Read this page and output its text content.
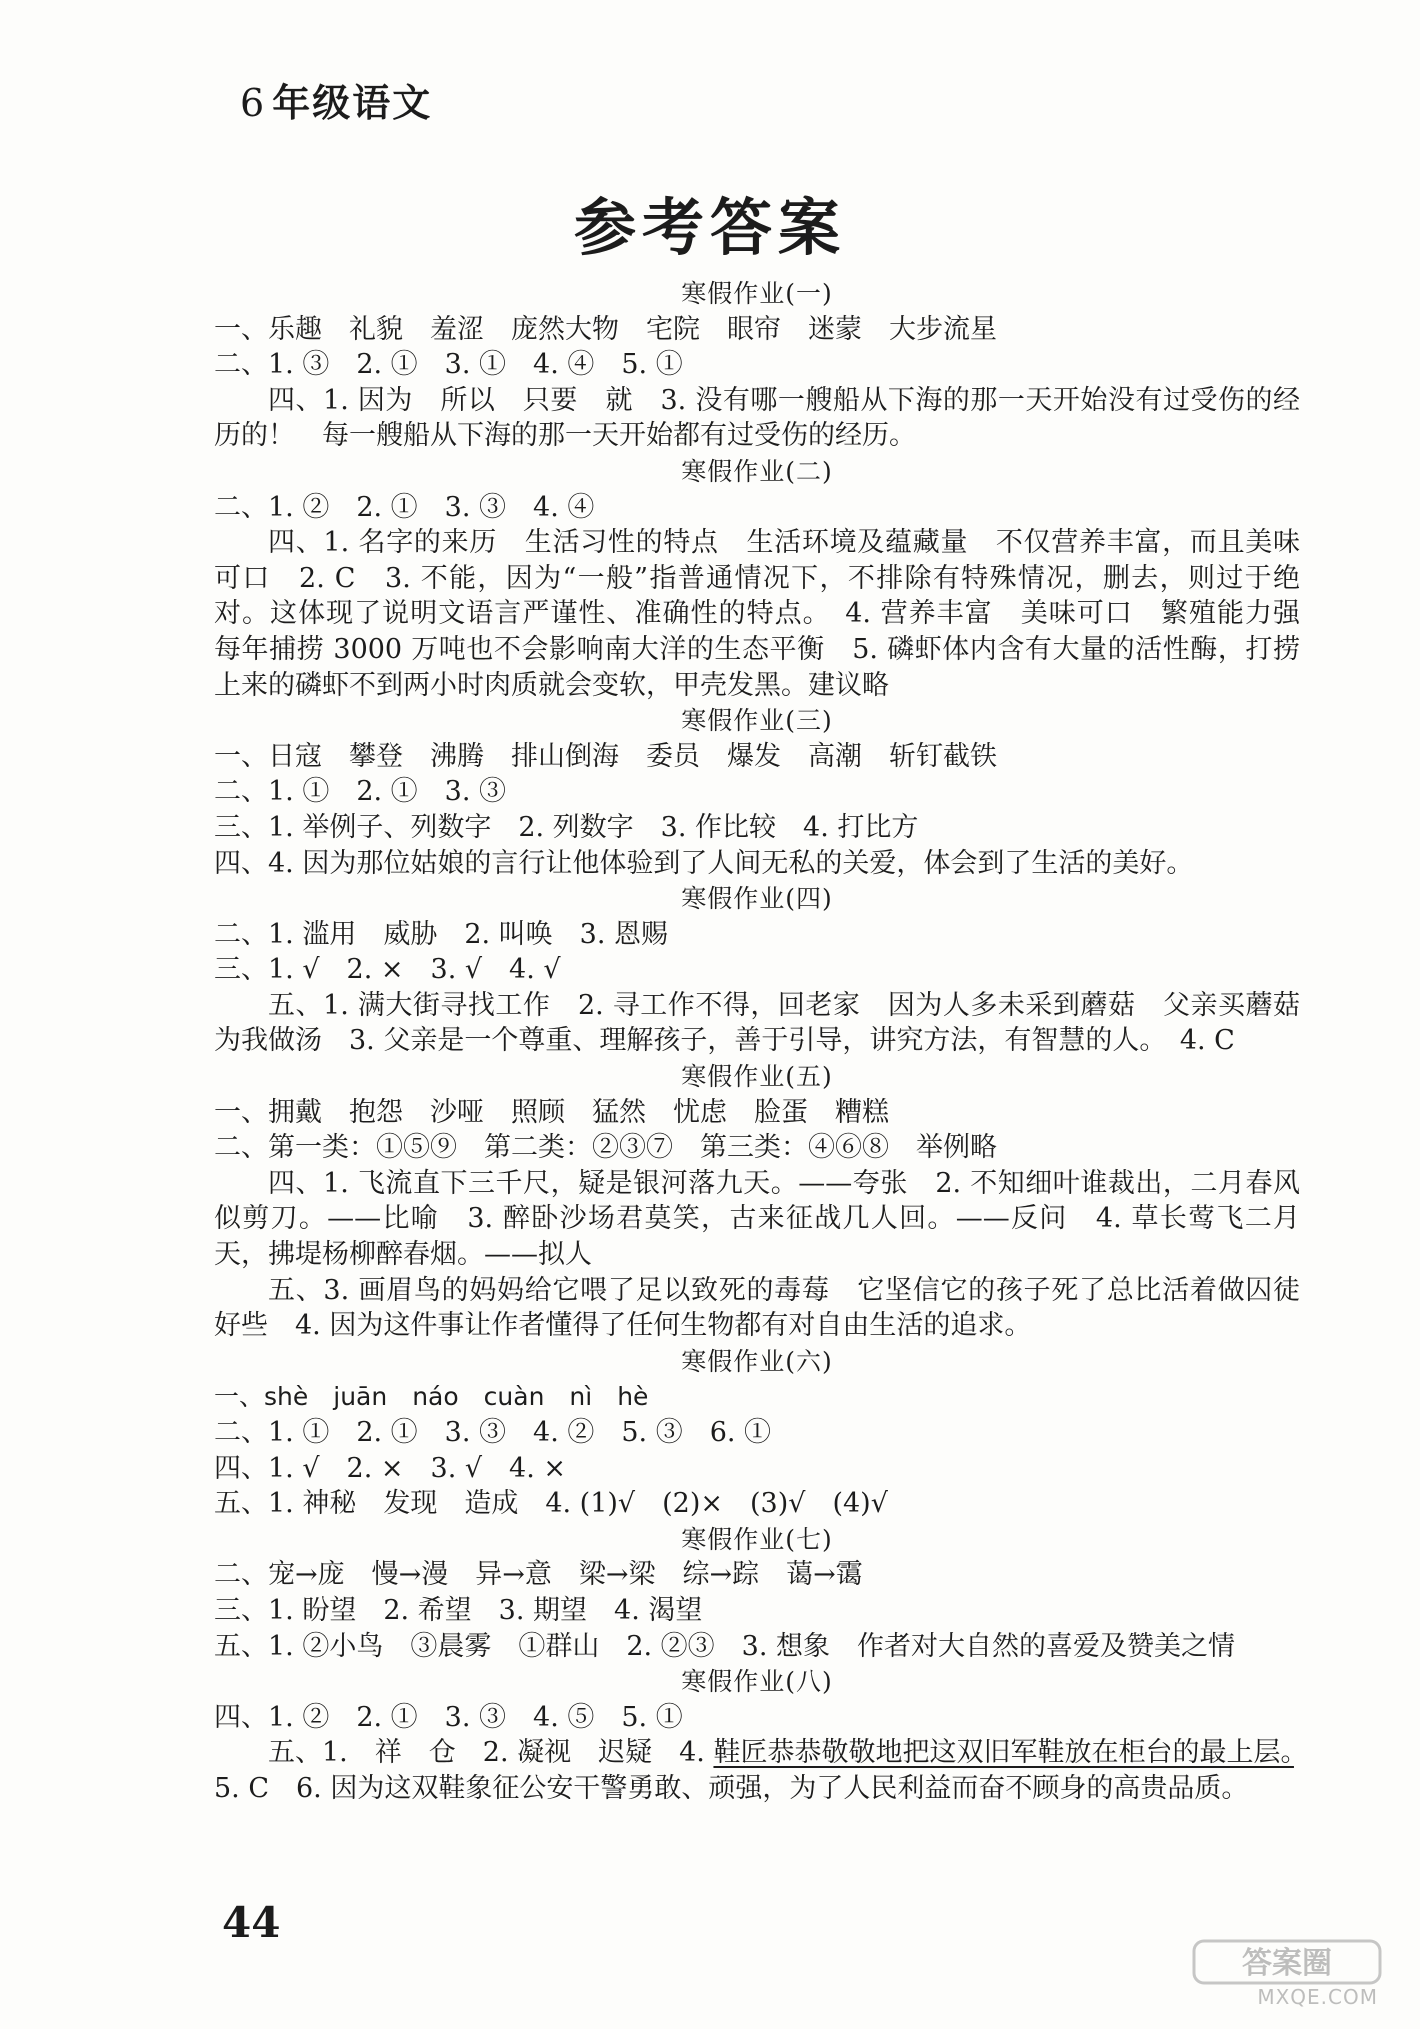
6 年级语文
参考答案
寒假作业(一)
一、乐趣　礼貌　羞涩　庞然大物　宅院　眼帘　迷蒙　大步流星
二、1. ③　2. ①　3. ①　4. ④　5. ①
四、1. 因为　所以　只要　就　3. 没有哪一艘船从下海的那一天开始没有过受伤的经历的！　每一艘船从下海的那一天开始都有过受伤的经历。
寒假作业(二)
二、1. ②　2. ①　3. ③　4. ④
四、1. 名字的来历　生活习性的特点　生活环境及蕴藏量　不仅营养丰富，而且美味可口　2. C　3. 不能，因为“一般”指普通情况下，不排除有特殊情况，删去，则过于绝对。这体现了说明文语言严谨性、准确性的特点。　4. 营养丰富　美味可口　繁殖能力强　每年捕捞 3000 万吨也不会影响南大洋的生态平衡　5. 磷虾体内含有大量的活性酶，打捞上来的磷虾不到两小时肉质就会变软，甲壳发黑。建议略
寒假作业(三)
一、日寇　攀登　沸腾　排山倒海　委员　爆发　高潮　斩钉截铁
二、1. ①　2. ①　3. ③
三、1. 举例子、列数字　2. 列数字　3. 作比较　4. 打比方
四、4. 因为那位姑娘的言行让他体验到了人间无私的关爱，体会到了生活的美好。
寒假作业(四)
二、1. 滥用　威胁　2. 叫唤　3. 恩赐
三、1. √　2. ×　3. √　4. √
五、1. 满大街寻找工作　2. 寻工作不得，回老家　因为人多未采到蘑菇　父亲买蘑菇为我做汤　3. 父亲是一个尊重、理解孩子，善于引导，讲究方法，有智慧的人。　4. C
寒假作业(五)
一、拥戴　抱怨　沙哑　照顾　猛然　忧虑　脸蛋　糟糕
二、第一类：①⑤⑨　第二类：②③⑦　第三类：④⑥⑧　举例略
四、1. 飞流直下三千尺，疑是银河落九天。——夸张　2. 不知细叶谁裁出，二月春风似剪刀。——比喻　3. 醉卧沙场君莫笑，古来征战几人回。——反问　4. 草长莺飞二月天，拂堤杨柳醉春烟。——拟人
五、3. 画眉鸟的妈妈给它喂了足以致死的毒莓　它坚信它的孩子死了总比活着做囚徒好些　4. 因为这件事让作者懂得了任何生物都有对自由生活的追求。
寒假作业(六)
一、shè　juān　náo　cuàn　nì　hè
二、1. ①　2. ①　3. ③　4. ②　5. ③　6. ①
四、1. √　2. ×　3. √　4. ×
五、1. 神秘　发现　造成　4. (1)√　(2)×　(3)√　(4)√
寒假作业(七)
二、宠→庞　慢→漫　异→意　梁→梁　综→踪　蔼→霭
三、1. 盼望　2. 希望　3. 期望　4. 渴望
五、1. ②小鸟　③晨雾　①群山　2. ②③　3. 想象　作者对大自然的喜爱及赞美之情
寒假作业(八)
四、1. ②　2. ①　3. ③　4. ⑤　5. ①
五、1.　祥　仓　2. 凝视　迟疑　4. 鞋匠恭恭敬敬地把这双旧军鞋放在柜台的最上层。　5. C　6. 因为这双鞋象征公安干警勇敢、顽强，为了人民利益而奋不顾身的高贵品质。
44
答案圈
MXQE.COM
